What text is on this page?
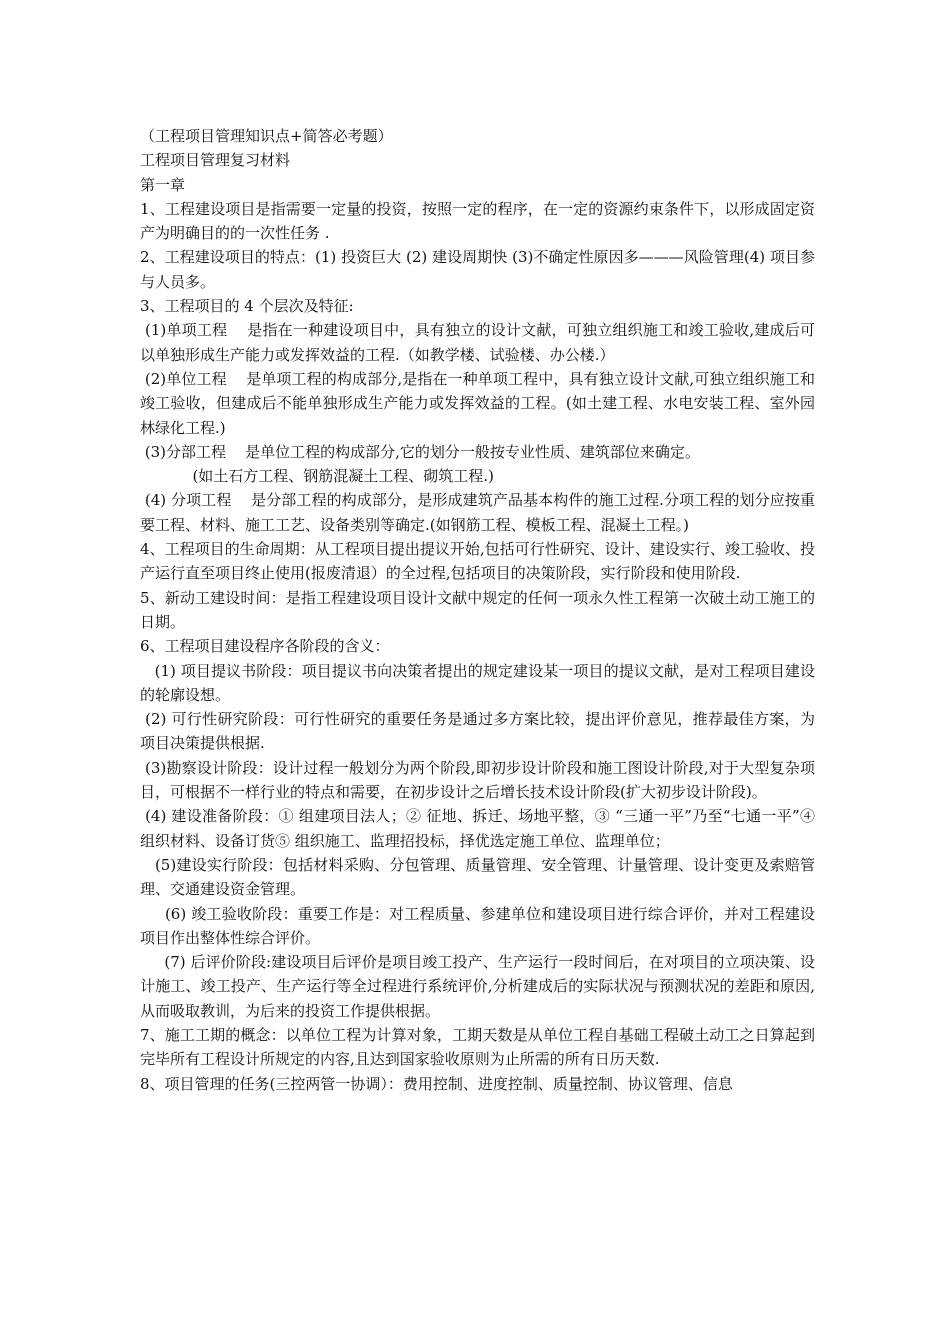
（工程项目管理知识点+简答必考题）

工程项目管理复习材料

第一章

1、工程建设项目是指需要一定量的投资，按照一定的程序，在一定的资源约束条件下，以形成固定资产为明确目的的一次性任务 .

2、工程建设项目的特点：(1) 投资巨大 (2) 建设周期快 (3)不确定性原因多———风险管理(4) 项目参与人员多。

3、工程项目的 4 个层次及特征:

(1)单项工程    是指在一种建设项目中，具有独立的设计文献，可独立组织施工和竣工验收,建成后可以单独形成生产能力或发挥效益的工程.（如教学楼、试验楼、办公楼.）

(2)单位工程    是单项工程的构成部分,是指在一种单项工程中，具有独立设计文献,可独立组织施工和竣工验收，但建成后不能单独形成生产能力或发挥效益的工程。(如土建工程、水电安装工程、室外园林绿化工程.)

(3)分部工程    是单位工程的构成部分,它的划分一般按专业性质、建筑部位来确定。

(如土石方工程、钢筋混凝土工程、砌筑工程.)

(4) 分项工程    是分部工程的构成部分，是形成建筑产品基本构件的施工过程.分项工程的划分应按重要工程、材料、施工工艺、设备类别等确定.(如钢筋工程、模板工程、混凝土工程。)

4、工程项目的生命周期：从工程项目提出提议开始,包括可行性研究、设计、建设实行、竣工验收、投产运行直至项目终止使用(报废清退）的全过程,包括项目的决策阶段，实行阶段和使用阶段.

5、新动工建设时间：是指工程建设项目设计文献中规定的任何一项永久性工程第一次破土动工施工的日期。

6、工程项目建设程序各阶段的含义：

(1) 项目提议书阶段：项目提议书向决策者提出的规定建设某一项目的提议文献，是对工程项目建设的轮廓设想。

(2) 可行性研究阶段：可行性研究的重要任务是通过多方案比较，提出评价意见，推荐最佳方案，为项目决策提供根据.

(3)勘察设计阶段：设计过程一般划分为两个阶段,即初步设计阶段和施工图设计阶段,对于大型复杂项目，可根据不一样行业的特点和需要，在初步设计之后增长技术设计阶段(扩大初步设计阶段)。

(4) 建设准备阶段：① 组建项目法人；② 征地、拆迁、场地平整，③ “三通一平”乃至“七通一平”④ 组织材料、设备订货⑤ 组织施工、监理招投标，择优选定施工单位、监理单位；

(5)建设实行阶段：包括材料采购、分包管理、质量管理、安全管理、计量管理、设计变更及索赔管理、交通建设资金管理。

(6) 竣工验收阶段：重要工作是：对工程质量、参建单位和建设项目进行综合评价，并对工程建设项目作出整体性综合评价。

(7) 后评价阶段:建设项目后评价是项目竣工投产、生产运行一段时间后，在对项目的立项决策、设计施工、竣工投产、生产运行等全过程进行系统评价,分析建成后的实际状况与预测状况的差距和原因,从而吸取教训，为后来的投资工作提供根据。

7、施工工期的概念：以单位工程为计算对象，工期天数是从单位工程自基础工程破土动工之日算起到完毕所有工程设计所规定的内容,且达到国家验收原则为止所需的所有日历天数.

8、项目管理的任务(三控两管一协调）：费用控制、进度控制、质量控制、协议管理、信息
